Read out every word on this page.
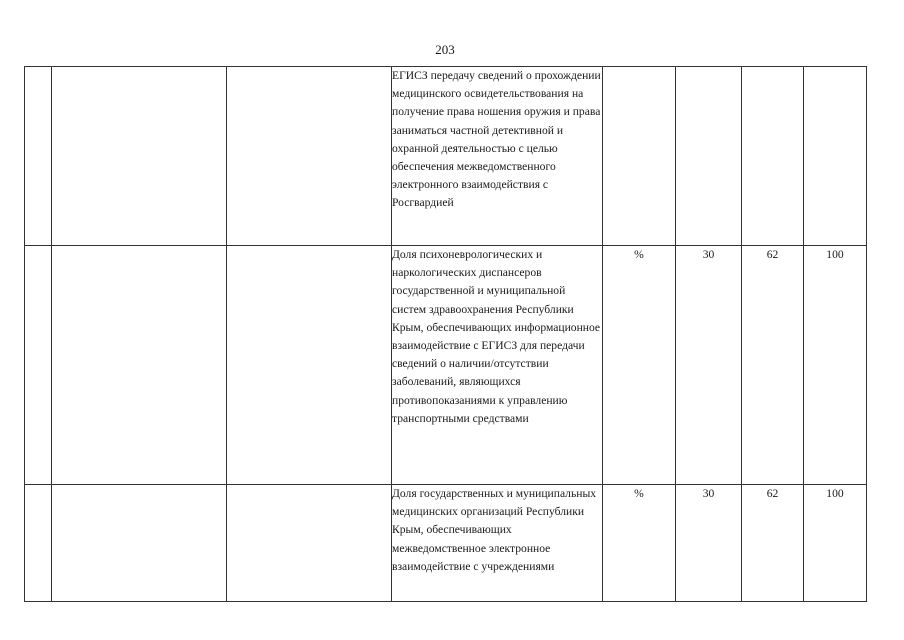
203
			ЕГИСЗ передачу сведений о прохождении медицинского освидетельствования на получение права ношения оружия и права заниматься частной детективной и охранной деятельностью с целью обеспечения межведомственного электронного взаимодействия с Росгвардией				
			Доля психоневрологических и наркологических диспансеров государственной и муниципальной систем здравоохранения Республики Крым, обеспечивающих информационное взаимодействие с ЕГИСЗ для передачи сведений о наличии/отсутствии заболеваний, являющихся противопоказаниями к управлению транспортными средствами	%	30	62	100
			Доля государственных и муниципальных медицинских организаций Республики Крым, обеспечивающих межведомственное электронное взаимодействие с учреждениями	%	30	62	100
